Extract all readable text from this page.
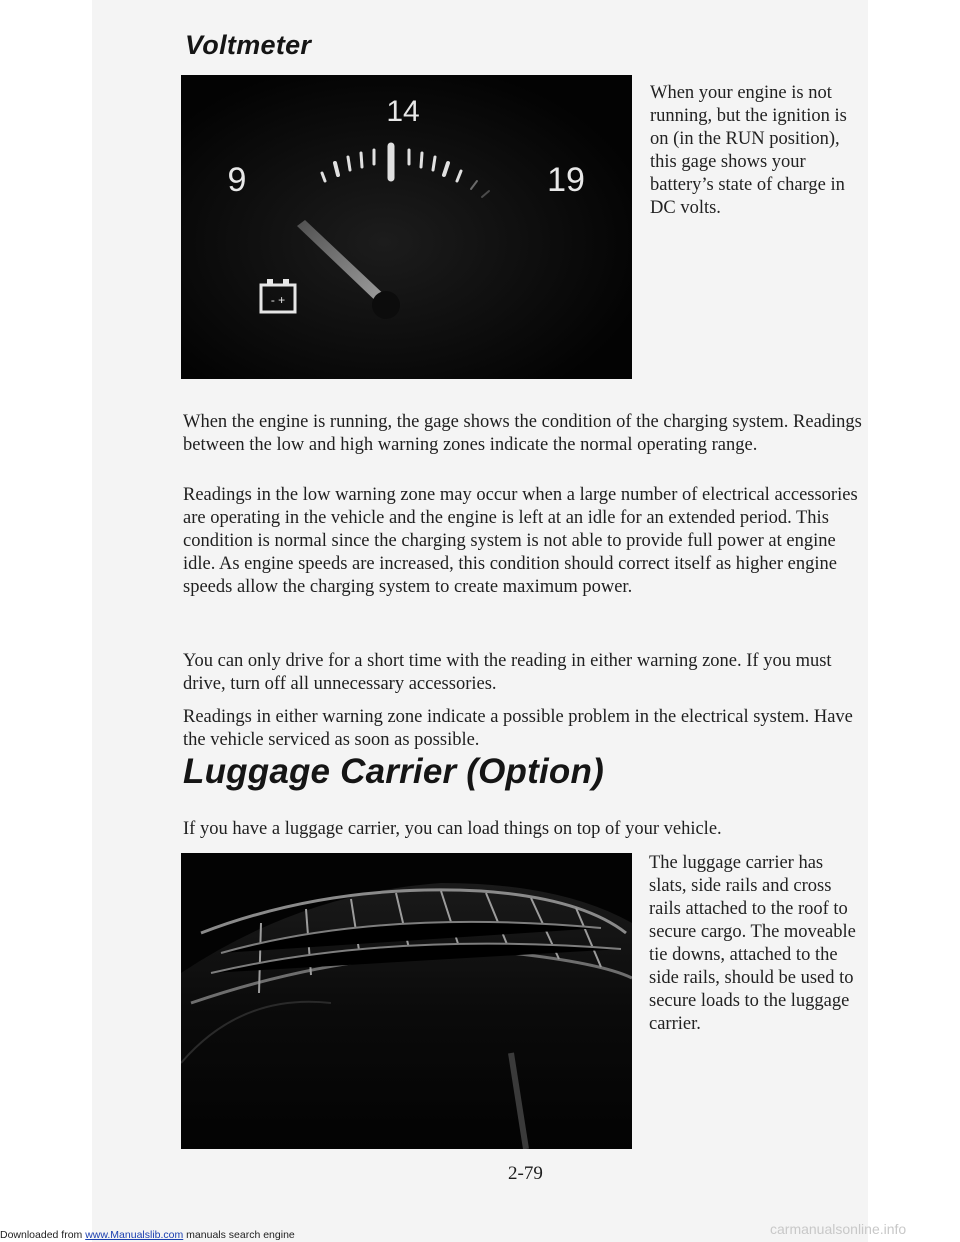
Voltmeter
14
9	19
- +

When your engine is not running, but the ignition is on (in the RUN position), this gage shows your battery’s state of charge in DC volts.

When the engine is running, the gage shows the condition of the charging system. Readings between the low and high warning zones indicate the normal operating range.

Readings in the low warning zone may occur when a large number of electrical accessories are operating in the vehicle and the engine is left at an idle for an extended period. This condition is normal since the charging system is not able to provide full power at engine idle. As engine speeds are increased, this condition should correct itself as higher engine speeds allow the charging system to create maximum power.

You can only drive for a short time with the reading in either warning zone. If you must drive, turn off all unnecessary accessories.

Readings in either warning zone indicate a possible problem in the electrical system. Have the vehicle serviced as soon as possible.

Luggage Carrier (Option)

If you have a luggage carrier, you can load things on top of your vehicle.

The luggage carrier has slats, side rails and cross rails attached to the roof to secure cargo. The moveable tie downs, attached to the side rails, should be used to secure loads to the luggage carrier.

2-79

Downloaded from www.Manualslib.com manuals search engine	carmanualsonline.info
